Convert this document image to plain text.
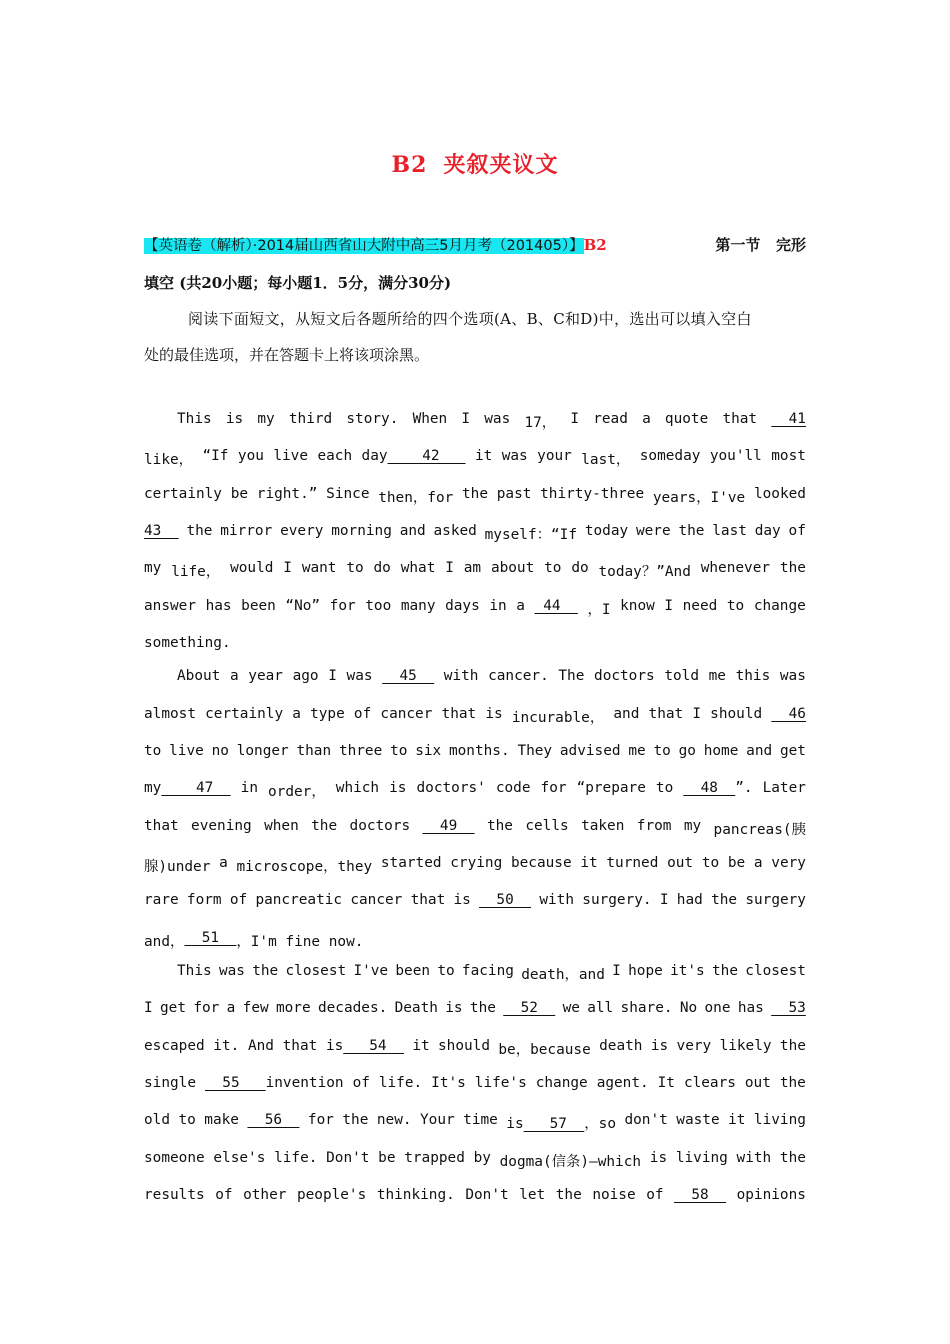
B2 夹叙夹议文
【英语卷（解析）·2014届山西省山大附中高三5月月考（201405）】B2	第一节   完形
填空 (共20小题；每小题1．5分，满分30分)
阅读下面短文，从短文后各题所给的四个选项(A、B、C和D)中，选出可以填入空白
处的最佳选项，并在答题卡上将该项涂黑。
This is my third story. When I was 17， I read a quote that 41
like， “If you live each day    42 it was your last， someday you'll most
certainly be right.” Since then，for the past thirty-three years，I've looked
43 the mirror every morning and asked myself：“If today were the last day of
my life， would I want to do what I am about to do today？”And whenever the
answer has been “No” for too many days in a 44 ，I know I need to change
something.
About a year ago I was 45 with cancer. The doctors told me this was
almost certainly a type of cancer that is incurable， and that I should 46
to live no longer than three to six months. They advised me to go home and get
my    47 in order， which is doctors' code for “prepare to 48  ”. Later
that evening when the doctors 49 the cells taken from my pancreas(胰
腺)under a microscope，they started crying because it turned out to be a very
rare form of pancreatic cancer that is 50 with surgery. I had the surgery
and， 51 ，I'm fine now.
This was the closest I've been to facing death，and I hope it's the closest
I get for a few more decades. Death is the 52 we all share. No one has 53
escaped it. And that is   54 it should be，because death is very likely the
single 55   invention of life. It's life's change agent. It clears out the
old to make 56 for the new. Your time is   57  ，so don't waste it living
someone else's life. Don't be trapped by dogma(信条)—which is living with the
results of other people's thinking. Don't let the noise of 58 opinions
